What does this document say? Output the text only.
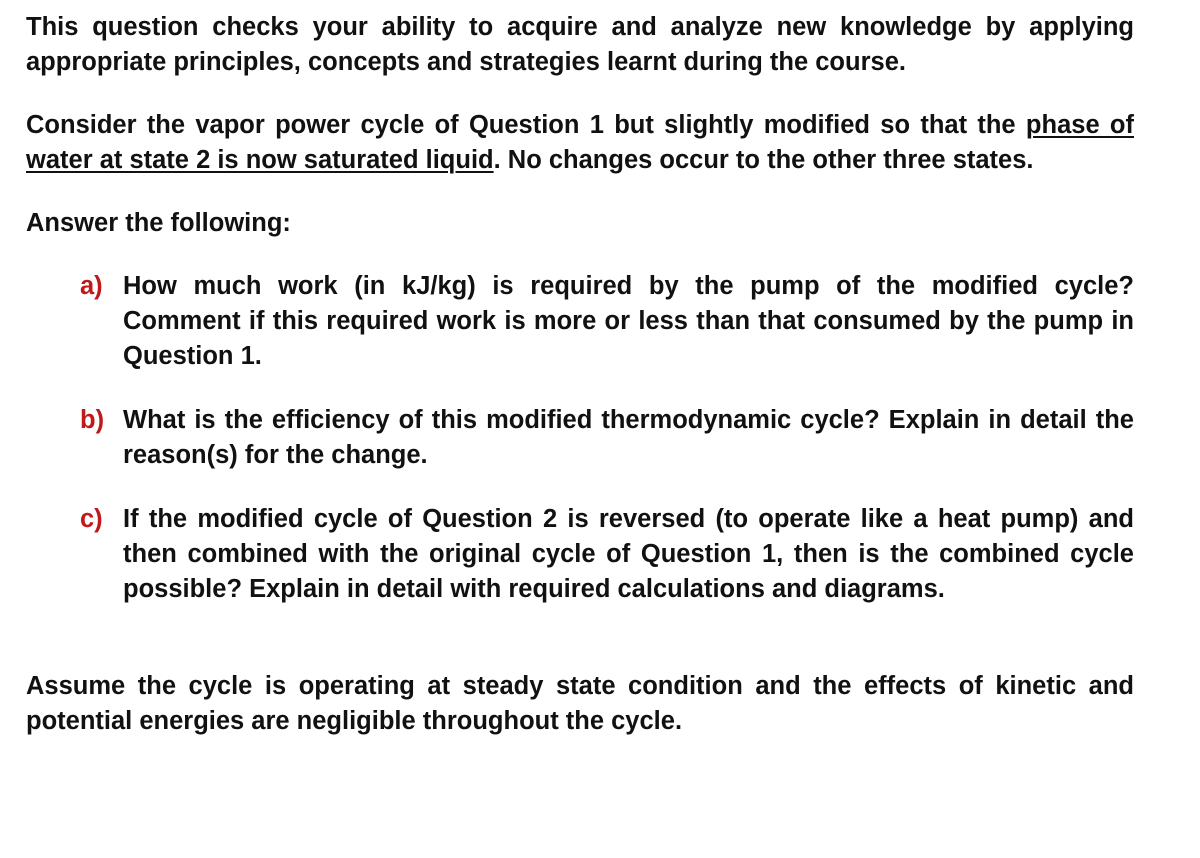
This question checks your ability to acquire and analyze new knowledge by applying appropriate principles, concepts and strategies learnt during the course.

Consider the vapor power cycle of Question 1 but slightly modified so that the phase of water at state 2 is now saturated liquid. No changes occur to the other three states.

Answer the following:

a) How much work (in kJ/kg) is required by the pump of the modified cycle? Comment if this required work is more or less than that consumed by the pump in Question 1.
b) What is the efficiency of this modified thermodynamic cycle? Explain in detail the reason(s) for the change.
c) If the modified cycle of Question 2 is reversed (to operate like a heat pump) and then combined with the original cycle of Question 1, then is the combined cycle possible? Explain in detail with required calculations and diagrams.

Assume the cycle is operating at steady state condition and the effects of kinetic and potential energies are negligible throughout the cycle.
